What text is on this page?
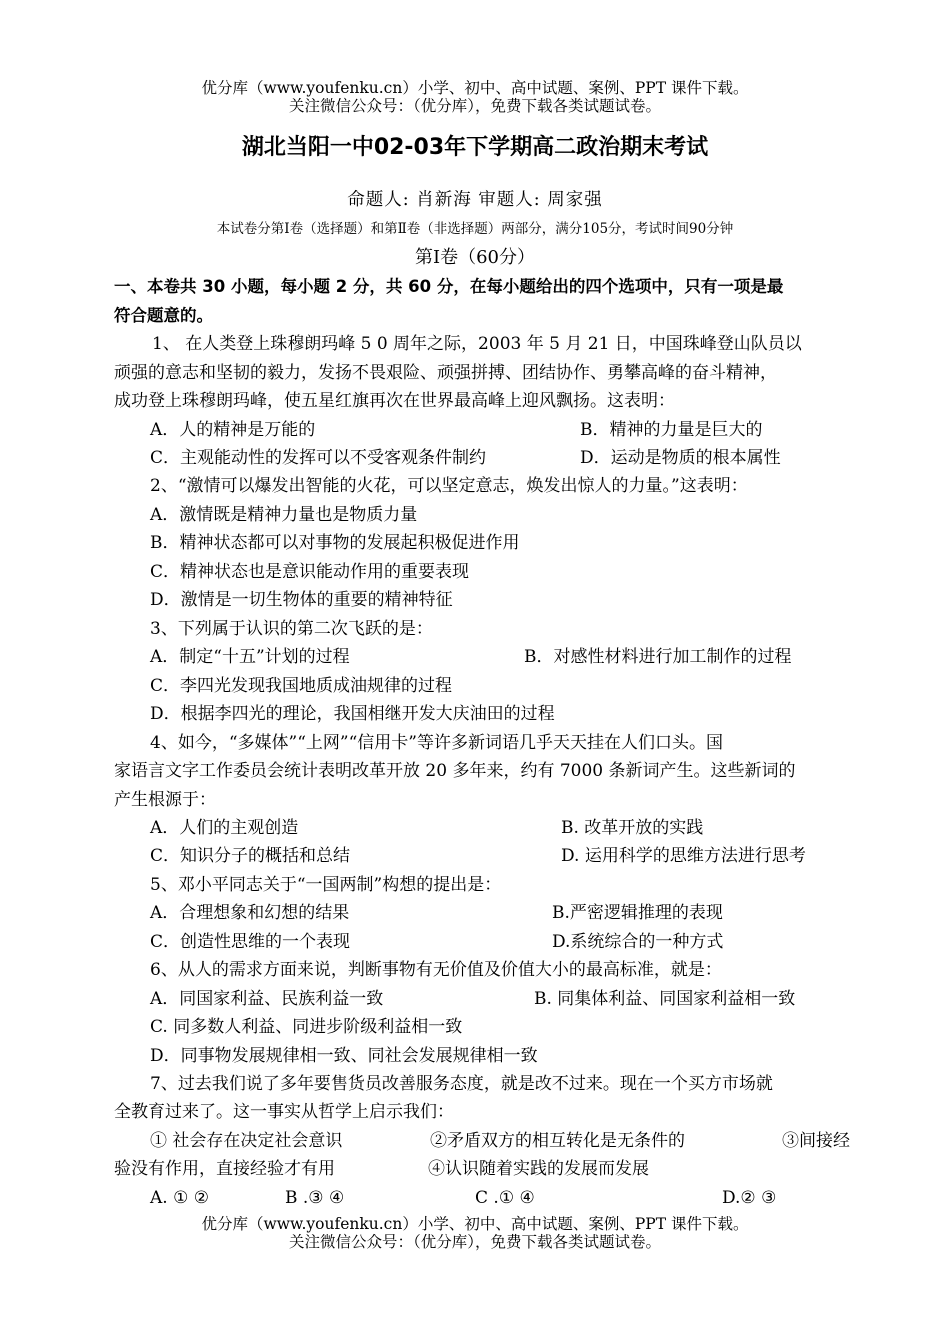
优分库（www.youfenku.cn）小学、初中、高中试题、案例、PPT 课件下载。
关注微信公众号：（优分库），免费下载各类试题试卷。
湖北当阳一中02-03年下学期高二政治期末考试
命题人: 肖新海 审题人: 周家强
本试卷分第Ⅰ卷（选择题）和第Ⅱ卷（非选择题）两部分，满分105分，考试时间90分钟
第Ⅰ卷（60分）
一、本卷共 30 小题，每小题 2 分，共 60 分，在每小题给出的四个选项中，只有一项是最
符合题意的。
1、 在人类登上珠穆朗玛峰 5 0 周年之际，2003 年 5 月 21 日，中国珠峰登山队员以
顽强的意志和坚韧的毅力，发扬不畏艰险、顽强拼搏、团结协作、勇攀高峰的奋斗精神，
成功登上珠穆朗玛峰，使五星红旗再次在世界最高峰上迎风飘扬。这表明：
A．人的精神是万能的	B．精神的力量是巨大的
C．主观能动性的发挥可以不受客观条件制约	D．运动是物质的根本属性
2、“激情可以爆发出智能的火花，可以坚定意志，焕发出惊人的力量。”这表明：
A．激情既是精神力量也是物质力量
B．精神状态都可以对事物的发展起积极促进作用
C．精神状态也是意识能动作用的重要表现
D．激情是一切生物体的重要的精神特征
3、下列属于认识的第二次飞跃的是：
A．制定“十五”计划的过程	B．对感性材料进行加工制作的过程
C．李四光发现我国地质成油规律的过程
D．根据李四光的理论，我国相继开发大庆油田的过程
4、如今，“多媒体”“上网”“信用卡”等许多新词语几乎天天挂在人们口头。国
家语言文字工作委员会统计表明改革开放 20 多年来，约有 7000 条新词产生。这些新词的
产生根源于：
A．人们的主观创造	B. 改革开放的实践
C．知识分子的概括和总结	D. 运用科学的思维方法进行思考
5、邓小平同志关于“一国两制”构想的提出是：
A．合理想象和幻想的结果	B.严密逻辑推理的表现
C．创造性思维的一个表现	D.系统综合的一种方式
6、从人的需求方面来说，判断事物有无价值及价值大小的最高标准，就是：
A．同国家利益、民族利益一致	B. 同集体利益、同国家利益相一致
C. 同多数人利益、同进步阶级利益相一致
D．同事物发展规律相一致、同社会发展规律相一致
7、过去我们说了多年要售货员改善服务态度，就是改不过来。现在一个买方市场就
全教育过来了。这一事实从哲学上启示我们：
① 社会存在决定社会意识	②矛盾双方的相互转化是无条件的	③间接经
验没有作用，直接经验才有用	④认识随着实践的发展而发展
A. ① ②	B .③ ④	C .① ④	D.② ③
优分库（www.youfenku.cn）小学、初中、高中试题、案例、PPT 课件下载。
关注微信公众号：（优分库），免费下载各类试题试卷。
